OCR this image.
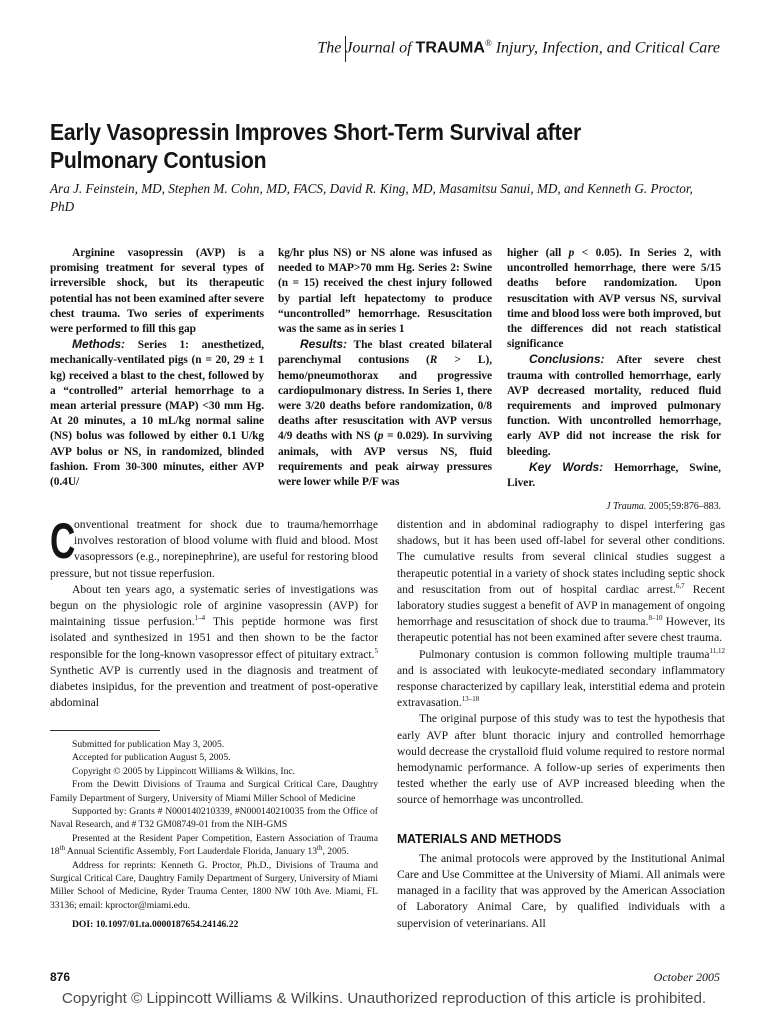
The Journal of TRAUMA® Injury, Infection, and Critical Care
Early Vasopressin Improves Short-Term Survival after Pulmonary Contusion
Ara J. Feinstein, MD, Stephen M. Cohn, MD, FACS, David R. King, MD, Masamitsu Sanui, MD, and Kenneth G. Proctor, PhD
Arginine vasopressin (AVP) is a promising treatment for several types of irreversible shock, but its therapeutic potential has not been examined after severe chest trauma. Two series of experiments were performed to fill this gap
Methods: Series 1: anesthetized, mechanically-ventilated pigs (n = 20, 29 ± 1 kg) received a blast to the chest, followed by a “controlled” arterial hemorrhage to a mean arterial pressure (MAP) <30 mm Hg. At 20 minutes, a 10 mL/kg normal saline (NS) bolus was followed by either 0.1 U/kg AVP bolus or NS, in randomized, blinded fashion. From 30-300 minutes, either AVP (0.4U/
kg/hr plus NS) or NS alone was infused as needed to MAP>70 mm Hg. Series 2: Swine (n = 15) received the chest injury followed by partial left hepatectomy to produce “uncontrolled” hemorrhage. Resuscitation was the same as in series 1
Results: The blast created bilateral parenchymal contusions (R > L), hemo/pneumothorax and progressive cardiopulmonary distress. In Series 1, there were 3/20 deaths before randomization, 0/8 deaths after resuscitation with AVP versus 4/9 deaths with NS (p = 0.029). In surviving animals, with AVP versus NS, fluid requirements and peak airway pressures were lower while P/F was
higher (all p < 0.05). In Series 2, with uncontrolled hemorrhage, there were 5/15 deaths before randomization. Upon resuscitation with AVP versus NS, survival time and blood loss were both improved, but the differences did not reach statistical significance
Conclusions: After severe chest trauma with controlled hemorrhage, early AVP decreased mortality, reduced fluid requirements and improved pulmonary function. With uncontrolled hemorrhage, early AVP did not increase the risk for bleeding.
Key Words: Hemorrhage, Swine, Liver.
J Trauma. 2005;59:876–883.

C
onventional treatment for shock due to trauma/hemorrhage involves restoration of blood volume with fluid and blood. Most vasopressors (e.g., norepinephrine), are useful for restoring blood pressure, but not tissue reperfusion.

About ten years ago, a systematic series of investigations was begun on the physiologic role of arginine vasopressin (AVP) for maintaining tissue perfusion.$^{1-4}$ This peptide hormone was first isolated and synthesized in 1951 and then shown to be the factor responsible for the long-known vasopressor effect of pituitary extract.$^5$ Synthetic AVP is currently used in the diagnosis and treatment of diabetes insipidus, for the prevention and treatment of post-operative abdominal

distention and in abdominal radiography to dispel interfering gas shadows, but it has been used off-label for several other conditions. The cumulative results from several clinical studies suggest a therapeutic potential in a variety of shock states including septic shock and resuscitation from out of hospital cardiac arrest.$^{6,7}$ Recent laboratory studies suggest a benefit of AVP in management of ongoing hemorrhage and resuscitation of shock due to trauma.$^{8-10}$ However, its therapeutic potential has not been examined after severe chest trauma.

Pulmonary contusion is common following multiple trauma$^{11,12}$ and is associated with leukocyte-mediated secondary inflammatory response characterized by capillary leak, interstitial edema and protein extravasation.$^{13-18}$

The original purpose of this study was to test the hypothesis that early AVP after blunt thoracic injury and controlled hemorrhage would decrease the crystalloid fluid volume required to restore normal hemodynamic performance. A follow-up series of experiments then tested whether the early use of AVP increased bleeding when the source of hemorrhage was uncontrolled.

MATERIALS AND METHODS

The animal protocols were approved by the Institutional Animal Care and Use Committee at the University of Miami. All animals were managed in a facility that was approved by the American Association of Laboratory Animal Care, by qualified individuals with a supervision of veterinarians. All

Submitted for publication May 3, 2005.

Accepted for publication August 5, 2005.

Copyright © 2005 by Lippincott Williams & Wilkins, Inc.

From the Dewitt Divisions of Trauma and Surgical Critical Care, Daughtry Family Department of Surgery, University of Miami Miller School of Medicine

Supported by: Grants # N000140210339, #N000140210035 from the Office of Naval Research, and # T32 GM08749-01 from the NIH-GMS

Presented at the Resident Paper Competition, Eastern Association of Trauma 18th Annual Scientific Assembly, Fort Lauderdale Florida, January 13th, 2005.

Address for reprints: Kenneth G. Proctor, Ph.D., Divisions of Trauma and Surgical Critical Care, Daughtry Family Department of Surgery, University of Miami Miller School of Medicine, Ryder Trauma Center, 1800 NW 10th Ave. Miami, FL 33136; email: kproctor@miami.edu.

DOI: 10.1097/01.ta.0000187654.24146.22

876	October 2005
Copyright © Lippincott Williams & Wilkins. Unauthorized reproduction of this article is prohibited.
